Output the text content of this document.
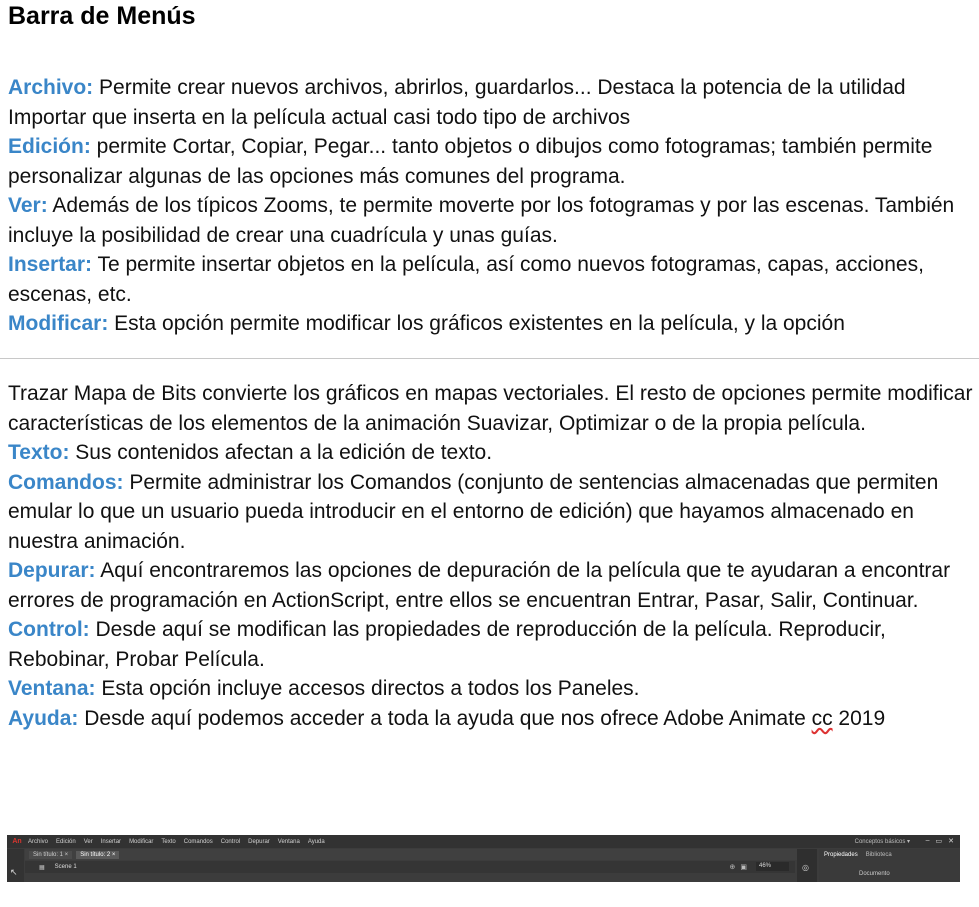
Barra de Menús

Archivo: Permite crear nuevos archivos, abrirlos, guardarlos... Destaca la potencia de la utilidad Importar que inserta en la película actual casi todo tipo de archivos

Edición: permite Cortar, Copiar, Pegar... tanto objetos o dibujos como fotogramas; también permite personalizar algunas de las opciones más comunes del programa.

Ver: Además de los típicos Zooms, te permite moverte por los fotogramas y por las escenas. También incluye la posibilidad de crear una cuadrícula y unas guías.

Insertar: Te permite insertar objetos en la película, así como nuevos fotogramas, capas, acciones, escenas, etc.

Modificar: Esta opción permite modificar los gráficos existentes en la película, y la opción

Trazar Mapa de Bits convierte los gráficos en mapas vectoriales. El resto de opciones permite modificar características de los elementos de la animación Suavizar, Optimizar o de la propia película.

Texto: Sus contenidos afectan a la edición de texto.

Comandos: Permite administrar los Comandos (conjunto de sentencias almacenadas que permiten emular lo que un usuario pueda introducir en el entorno de edición) que hayamos almacenado en nuestra animación.

Depurar: Aquí encontraremos las opciones de depuración de la película que te ayudaran a encontrar errores de programación en ActionScript, entre ellos se encuentran Entrar, Pasar, Salir, Continuar.

Control: Desde aquí se modifican las propiedades de reproducción de la película. Reproducir, Rebobinar, Probar Película.

Ventana: Esta opción incluye accesos directos a todos los Paneles.

Ayuda: Desde aquí podemos acceder a toda la ayuda que nos ofrece Adobe Animate cc 2019

An	Archivo Edición Ver Insertar Modificar Texto Comandos Control Depurar Ventana Ayuda	Conceptos básicos ▾ – ▭ ✕
↖
Sin título: 1 ×	Sin título: 2 ×
▦ Scene 1	⊕ ▣	46%	◎
Propiedades Biblioteca
Documento
